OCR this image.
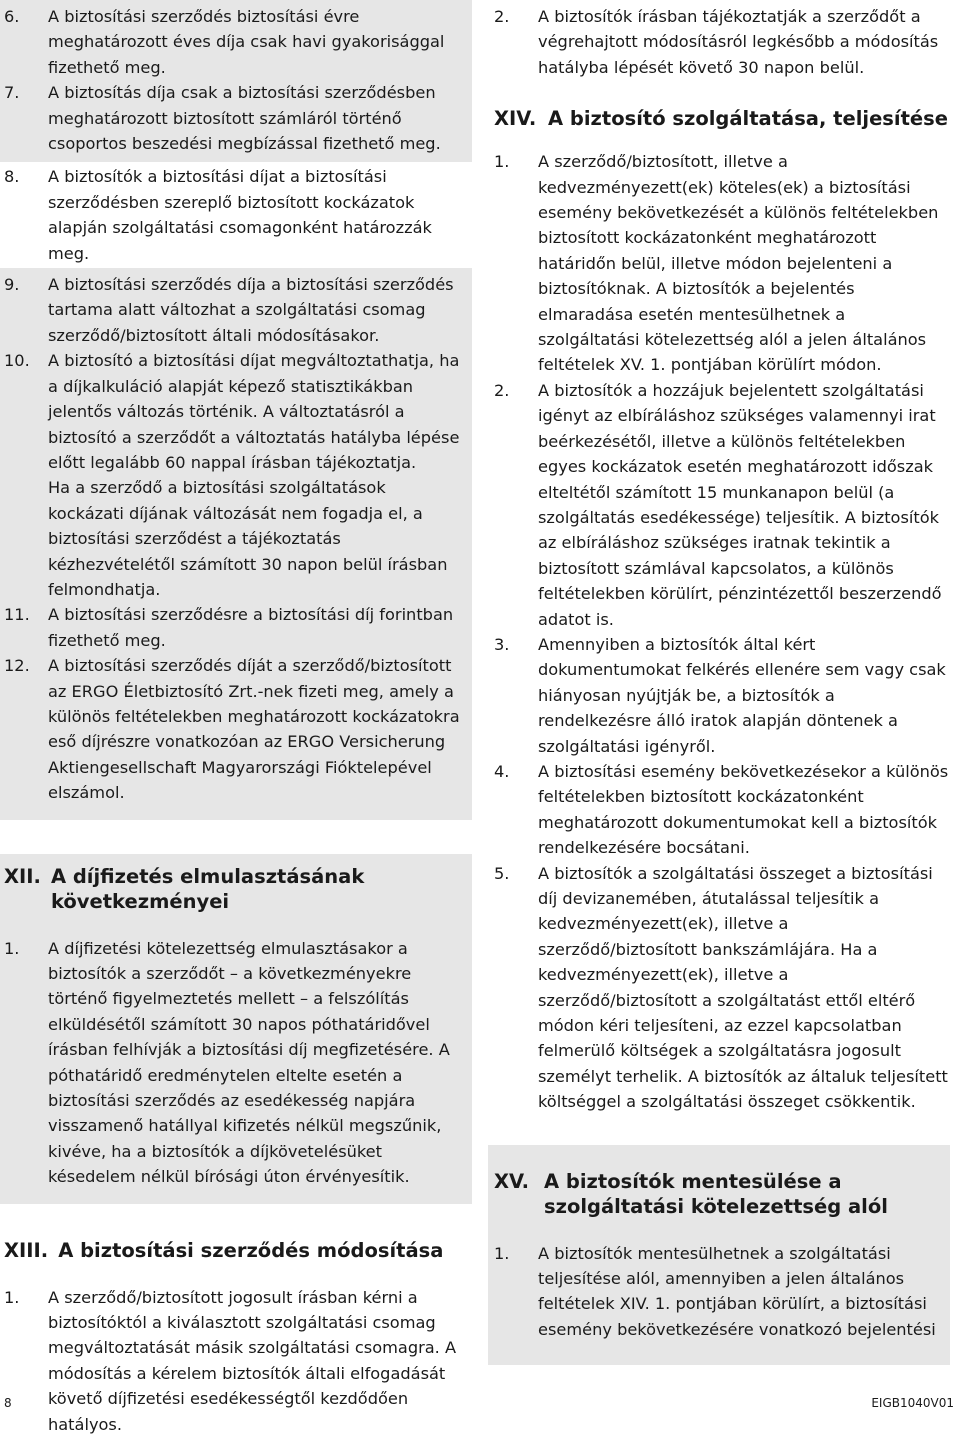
6.	A biztosítási szerződés biztosítási évre meghatározott éves díja csak havi gyakorisággal fizethető meg.
7.	A biztosítás díja csak a biztosítási szerződésben meghatározott biztosított számláról történő csoportos beszedési megbízással fizethető meg.
8.	A biztosítók a biztosítási díjat a biztosítási szerződésben szereplő biztosított kockázatok alapján szolgáltatási csomagonként határozzák meg.
9.	A biztosítási szerződés díja a biztosítási szerződés tartama alatt változhat a szolgáltatási csomag szerződő/biztosított általi módosításakor.
10.	A biztosító a biztosítási díjat megváltoztathatja, ha a díjkalkuláció alapját képező statisztikákban jelentős változás történik. A változtatásról a biztosító a szerződőt a változtatás hatályba lépése előtt legalább 60 nappal írásban tájékoztatja.

Ha a szerződő a biztosítási szolgáltatások kockázati díjának változását nem fogadja el, a biztosítási szerződést a tájékoztatás kézhezvételétől számított 30 napon belül írásban felmondhatja.

11.	A biztosítási szerződésre a biztosítási díj forintban fizethető meg.
12.	A biztosítási szerződés díját a szerződő/biztosított az ERGO Életbiztosító Zrt.-nek fizeti meg, amely a különös feltételekben meghatározott kockázatokra eső díjrészre vonatkozóan az ERGO Versicherung Aktiengesellschaft Magyarországi Fióktelepével elszámol.
XII. A díjfizetés elmulasztásának következményei
1.	A díjfizetési kötelezettség elmulasztásakor a biztosítók a szerződőt – a következményekre történő figyelmeztetés mellett – a felszólítás elküldésétől számított 30 napos póthatáridővel írásban felhívják a biztosítási díj megfizetésére. A póthatáridő eredménytelen eltelte esetén a biztosítási szerződés az esedékesség napjára visszamenő hatállyal kifizetés nélkül megszűnik, kivéve, ha a biztosítók a díjkövetelésüket késedelem nélkül bírósági úton érvényesítik.
XIII. A biztosítási szerződés módosítása
1.	A szerződő/biztosított jogosult írásban kérni a biztosítóktól a kiválasztott szolgáltatási csomag megváltoztatását másik szolgáltatási csomagra. A módosítás a kérelem biztosítók általi elfogadását követő díjfizetési esedékességtől kezdődően hatályos.
2.	A biztosítók írásban tájékoztatják a szerződőt a végrehajtott módosításról legkésőbb a módosítás hatályba lépését követő 30 napon belül.
XIV. A biztosító szolgáltatása, teljesítése
1.	A szerződő/biztosított, illetve a kedvezményezett(ek) köteles(ek) a biztosítási esemény bekövetkezését a különös feltételekben biztosított kockázatonként meghatározott határidőn belül, illetve módon bejelenteni a biztosítóknak. A biztosítók a bejelentés elmaradása esetén mentesülhetnek a szolgáltatási kötelezettség alól a jelen általános feltételek XV. 1. pontjában körülírt módon.
2.	A biztosítók a hozzájuk bejelentett szolgáltatási igényt az elbíráláshoz szükséges valamennyi irat beérkezésétől, illetve a különös feltételekben egyes kockázatok esetén meghatározott időszak elteltétől számított 15 munkanapon belül (a szolgáltatás esedékessége) teljesítik. A biztosítók az elbíráláshoz szükséges iratnak tekintik a biztosított számlával kapcsolatos, a különös feltételekben körülírt, pénzintézettől beszerzendő adatot is.
3.	Amennyiben a biztosítók által kért dokumentumokat felkérés ellenére sem vagy csak hiányosan nyújtják be, a biztosítók a rendelkezésre álló iratok alapján döntenek a szolgáltatási igényről.
4.	A biztosítási esemény bekövetkezésekor a különös feltételekben biztosított kockázatonként meghatározott dokumentumokat kell a biztosítók rendelkezésére bocsátani.
5.	A biztosítók a szolgáltatási összeget a biztosítási díj devizanemében, átutalással teljesítik a kedvezményezett(ek), illetve a szerződő/biztosított bankszámlájára. Ha a kedvezményezett(ek), illetve a szerződő/biztosított a szolgáltatást ettől eltérő módon kéri teljesíteni, az ezzel kapcsolatban felmerülő költségek a szolgáltatásra jogosult személyt terhelik. A biztosítók az általuk teljesített költséggel a szolgáltatási összeget csökkentik.
XV. A biztosítók mentesülése a szolgáltatási kötelezettség alól
1.	A biztosítók mentesülhetnek a szolgáltatási teljesítése alól, amennyiben a jelen általános feltételek XIV. 1. pontjában körülírt, a biztosítási esemény bekövetkezésére vonatkozó bejelentési
8	EIGB1040V01
